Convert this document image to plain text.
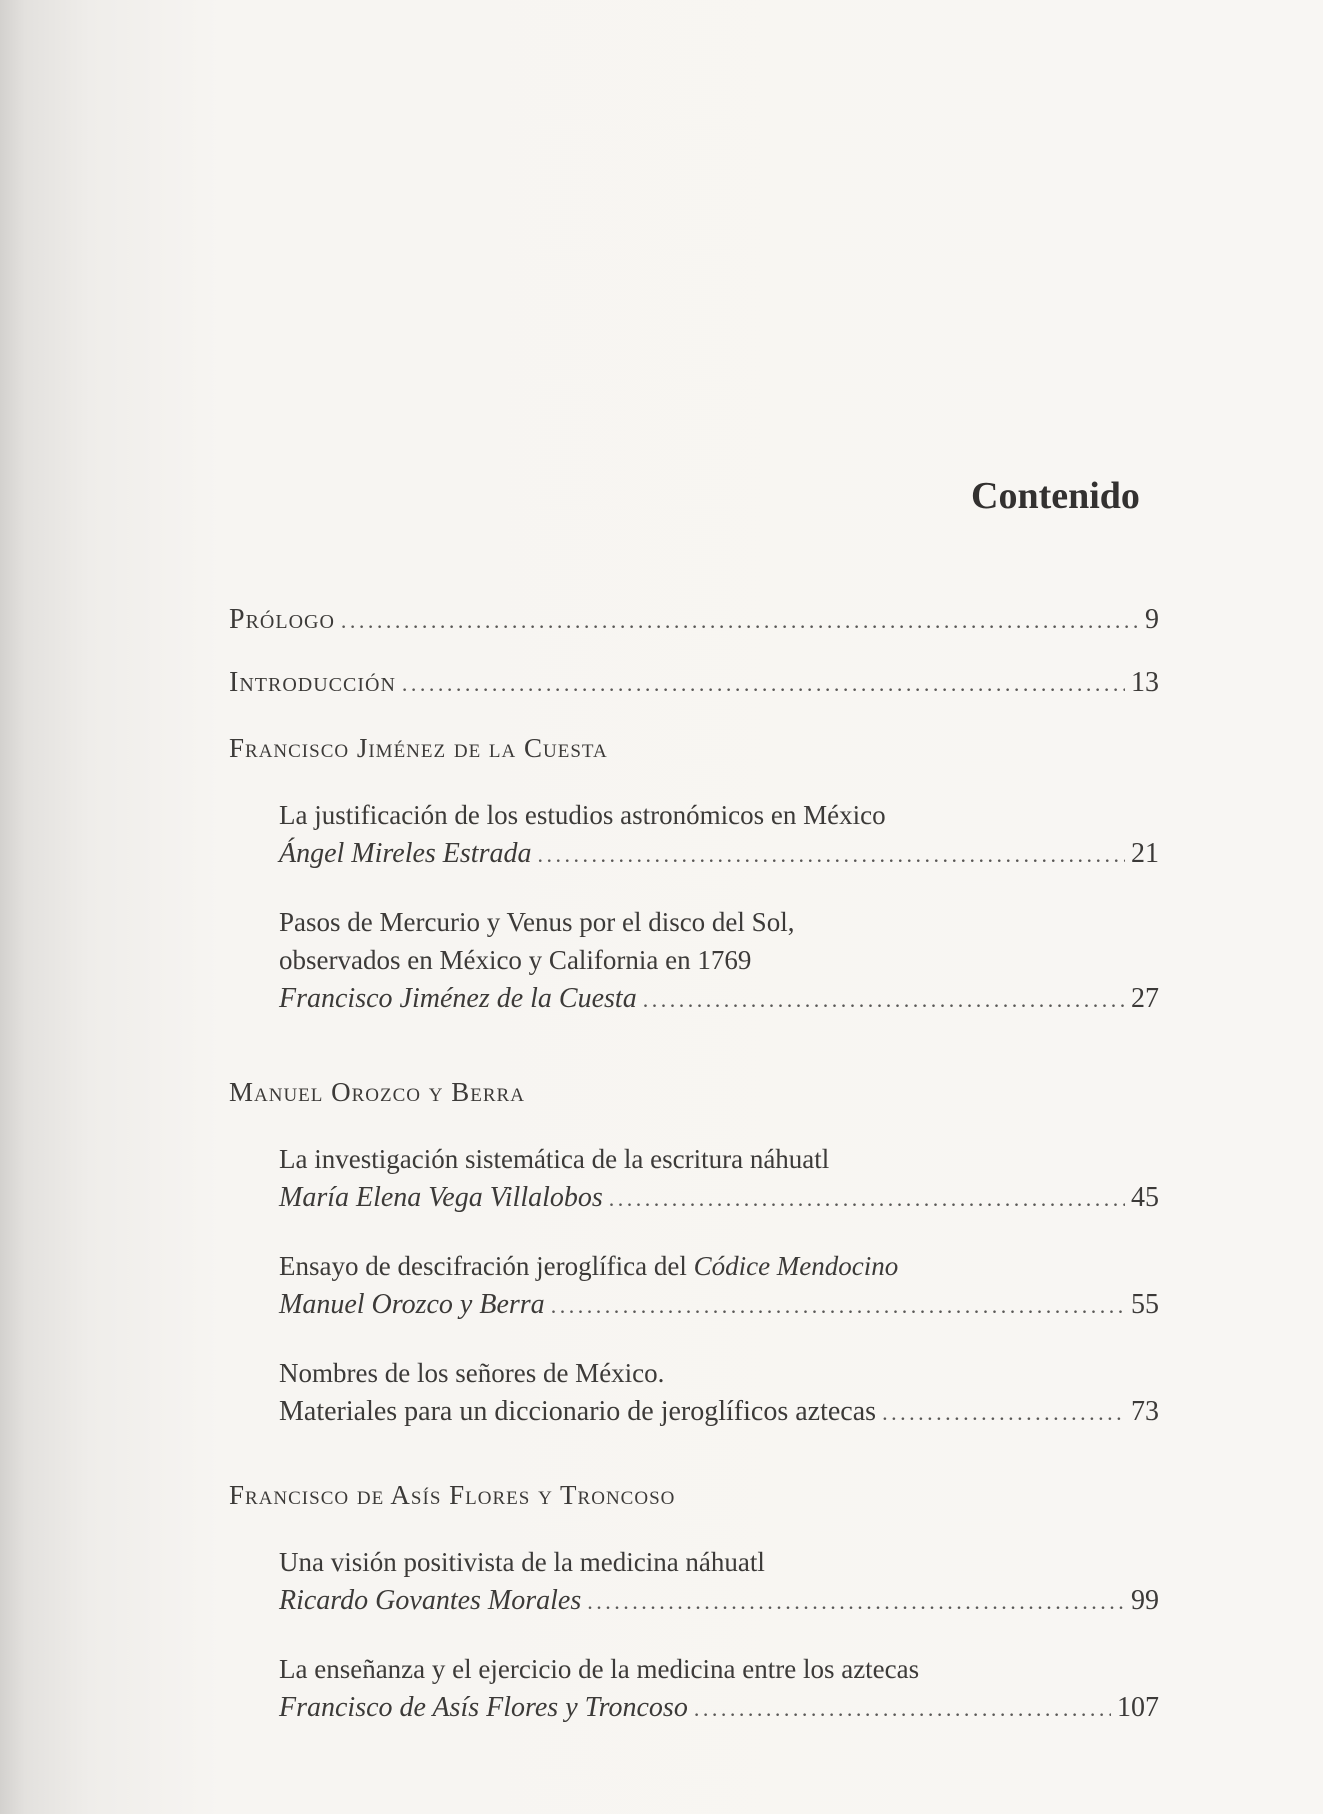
Contenido
Prólogo . . .	9
Introducción . . .	13
Francisco Jiménez de la Cuesta
La justificación de los estudios astronómicos en México
Ángel Mireles Estrada . . .	21
Pasos de Mercurio y Venus por el disco del Sol,
observados en México y California en 1769
Francisco Jiménez de la Cuesta . . .	27
Manuel Orozco y Berra
La investigación sistemática de la escritura náhuatl
María Elena Vega Villalobos . . .	45
Ensayo de descifración jeroglífica del Códice Mendocino
Manuel Orozco y Berra . . .	55
Nombres de los señores de México.
Materiales para un diccionario de jeroglíficos aztecas . . .	73
Francisco de Asís Flores y Troncoso
Una visión positivista de la medicina náhuatl
Ricardo Govantes Morales . . .	99
La enseñanza y el ejercicio de la medicina entre los aztecas
Francisco de Asís Flores y Troncoso . . .	107
